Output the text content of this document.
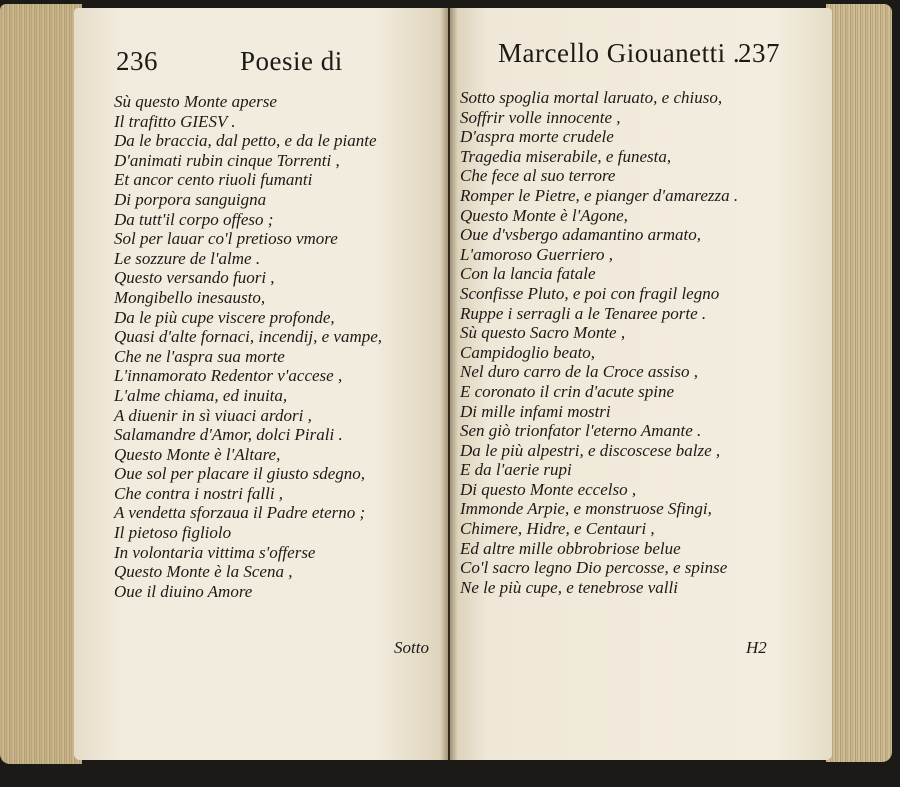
236	Poesie di
Sù questo Monte aperse
Il trafitto GIESV .
Da le braccia, dal petto, e da le piante
D'animati rubin cinque Torrenti ,
Et ancor cento riuoli fumanti
Di porpora sanguigna
Da tutt'il corpo offeso ;
Sol per lauar co'l pretioso vmore
Le sozzure de l'alme .
Questo versando fuori ,
Mongibello inesausto,
Da le più cupe viscere profonde,
Quasi d'alte fornaci, incendij, e vampe,
Che ne l'aspra sua morte
L'innamorato Redentor v'accese ,
L'alme chiama, ed inuita,
A diuenir in sì viuaci ardori ,
Salamandre d'Amor, dolci Pirali .
Questo Monte è l'Altare,
Oue sol per placare il giusto sdegno,
Che contra i nostri falli ,
A vendetta sforzaua il Padre eterno ;
Il pietoso figliolo
In volontaria vittima s'offerse
Questo Monte è la Scena ,
Oue il diuino Amore
Sotto
Marcello Giouanetti .
237
Sotto spoglia mortal laruato, e chiuso,
Soffrir volle innocente ,
D'aspra morte crudele
Tragedia miserabile, e funesta,
Che fece al suo terrore
Romper le Pietre, e pianger d'amarezza .
Questo Monte è l'Agone,
Oue d'vsbergo adamantino armato,
L'amoroso Guerriero ,
Con la lancia fatale
Sconfisse Pluto, e poi con fragil legno
Ruppe i serragli a le Tenaree porte .
Sù questo Sacro Monte ,
Campidoglio beato,
Nel duro carro de la Croce assiso ,
E coronato il crin d'acute spine
Di mille infami mostri
Sen giò trionfator l'eterno Amante .
Da le più alpestri, e discoscese balze ,
E da l'aerie rupi
Di questo Monte eccelso ,
Immonde Arpie, e monstruose Sfingi,
Chimere, Hidre, e Centauri ,
Ed altre mille obbrobriose belue
Co'l sacro legno Dio percosse, e spinse
Ne le più cupe, e tenebrose valli
H2
